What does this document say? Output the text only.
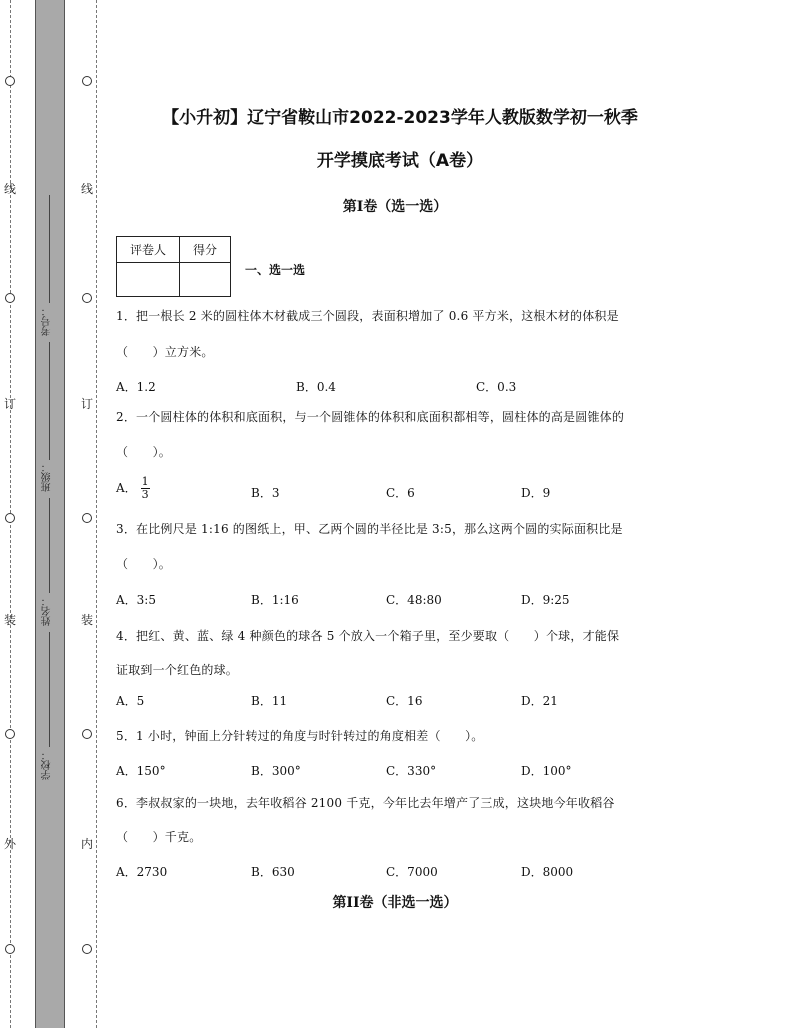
线
订
装
外
线
订
装
内
考号：
班级：
姓名：
学校：
【小升初】辽宁省鞍山市2022-2023学年人教版数学初一秋季
开学摸底考试（A卷）
第I卷（选一选）
评卷人	得分

一、选一选
1．把一根长 2 米的圆柱体木材截成三个圆段，表面积增加了 0.6 平方米，这根木材的体积是
（　　）立方米。
A．1.2	B．0.4	C．0.3
2．一个圆柱体的体积和底面积，与一个圆锥体的体积和底面积都相等，圆柱体的高是圆锥体的
（　　）。
A． $\frac{1}{3}$	B．3	C．6	D．9
3．在比例尺是 1:16 的图纸上，甲、乙两个圆的半径比是 3:5，那么这两个圆的实际面积比是
（　　）。
A．3:5	B．1:16	C．48:80	D．9:25
4．把红、黄、蓝、绿 4 种颜色的球各 5 个放入一个箱子里，至少要取（　　）个球，才能保
证取到一个红色的球。
A．5	B．11	C．16	D．21
5．1 小时，钟面上分针转过的角度与时针转过的角度相差（　　）。
A．150°	B．300°	C．330°	D．100°
6．李叔叔家的一块地，去年收稻谷 2100 千克，今年比去年增产了三成，这块地今年收稻谷
（　　）千克。
A．2730	B．630	C．7000	D．8000
第II卷（非选一选）
